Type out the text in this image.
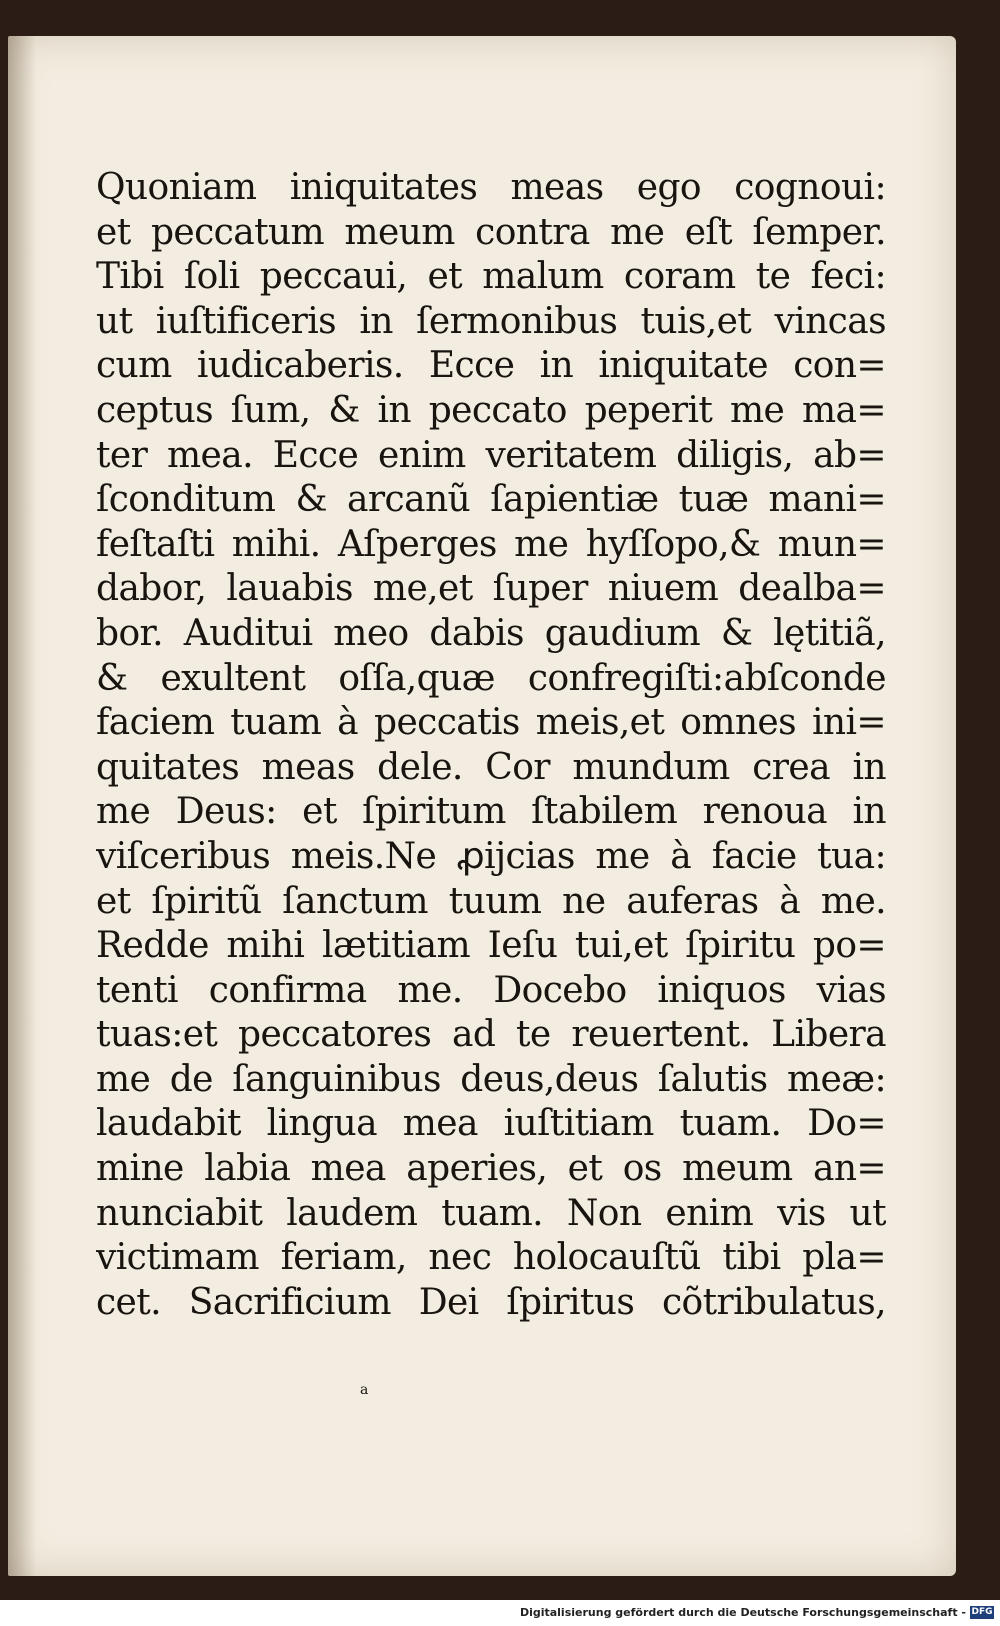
Quoniam iniquitates meas ego cognoui:
et peccatum meum contra me eſt ſemper.
Tibi ſoli peccaui, et malum coram te feci:
ut iuſtificeris in ſermonibus tuis,et vincas
cum iudicaberis. Ecce in iniquitate con=
ceptus ſum, & in peccato peperit me ma=
ter mea. Ecce enim veritatem diligis, ab=
ſconditum & arcanũ ſapientiæ tuæ mani=
feſtaſti mihi. Aſperges me hyſſopo,& mun=
dabor, lauabis me,et ſuper niuem dealba=
bor. Auditui meo dabis gaudium & lętitiã,
& exultent oſſa,quæ confregiſti:abſconde
faciem tuam à peccatis meis,et omnes ini=
quitates meas dele. Cor mundum crea in
me Deus: et ſpiritum ſtabilem renoua in
viſceribus meis.Ne ꝓijcias me à facie tua:
et ſpiritũ ſanctum tuum ne auferas à me.
Redde mihi lætitiam Ieſu tui,et ſpiritu po=
tenti confirma me. Docebo iniquos vias
tuas:et peccatores ad te reuertent. Libera
me de ſanguinibus deus,deus ſalutis meæ:
laudabit lingua mea iuſtitiam tuam. Do=
mine labia mea aperies, et os meum an=
nunciabit laudem tuam. Non enim vis ut
victimam feriam, nec holocauſtũ tibi pla=
cet. Sacrificium Dei ſpiritus cõtribulatus,
a
Digitalisierung gefördert durch die Deutsche Forschungsgemeinschaft - DFG
